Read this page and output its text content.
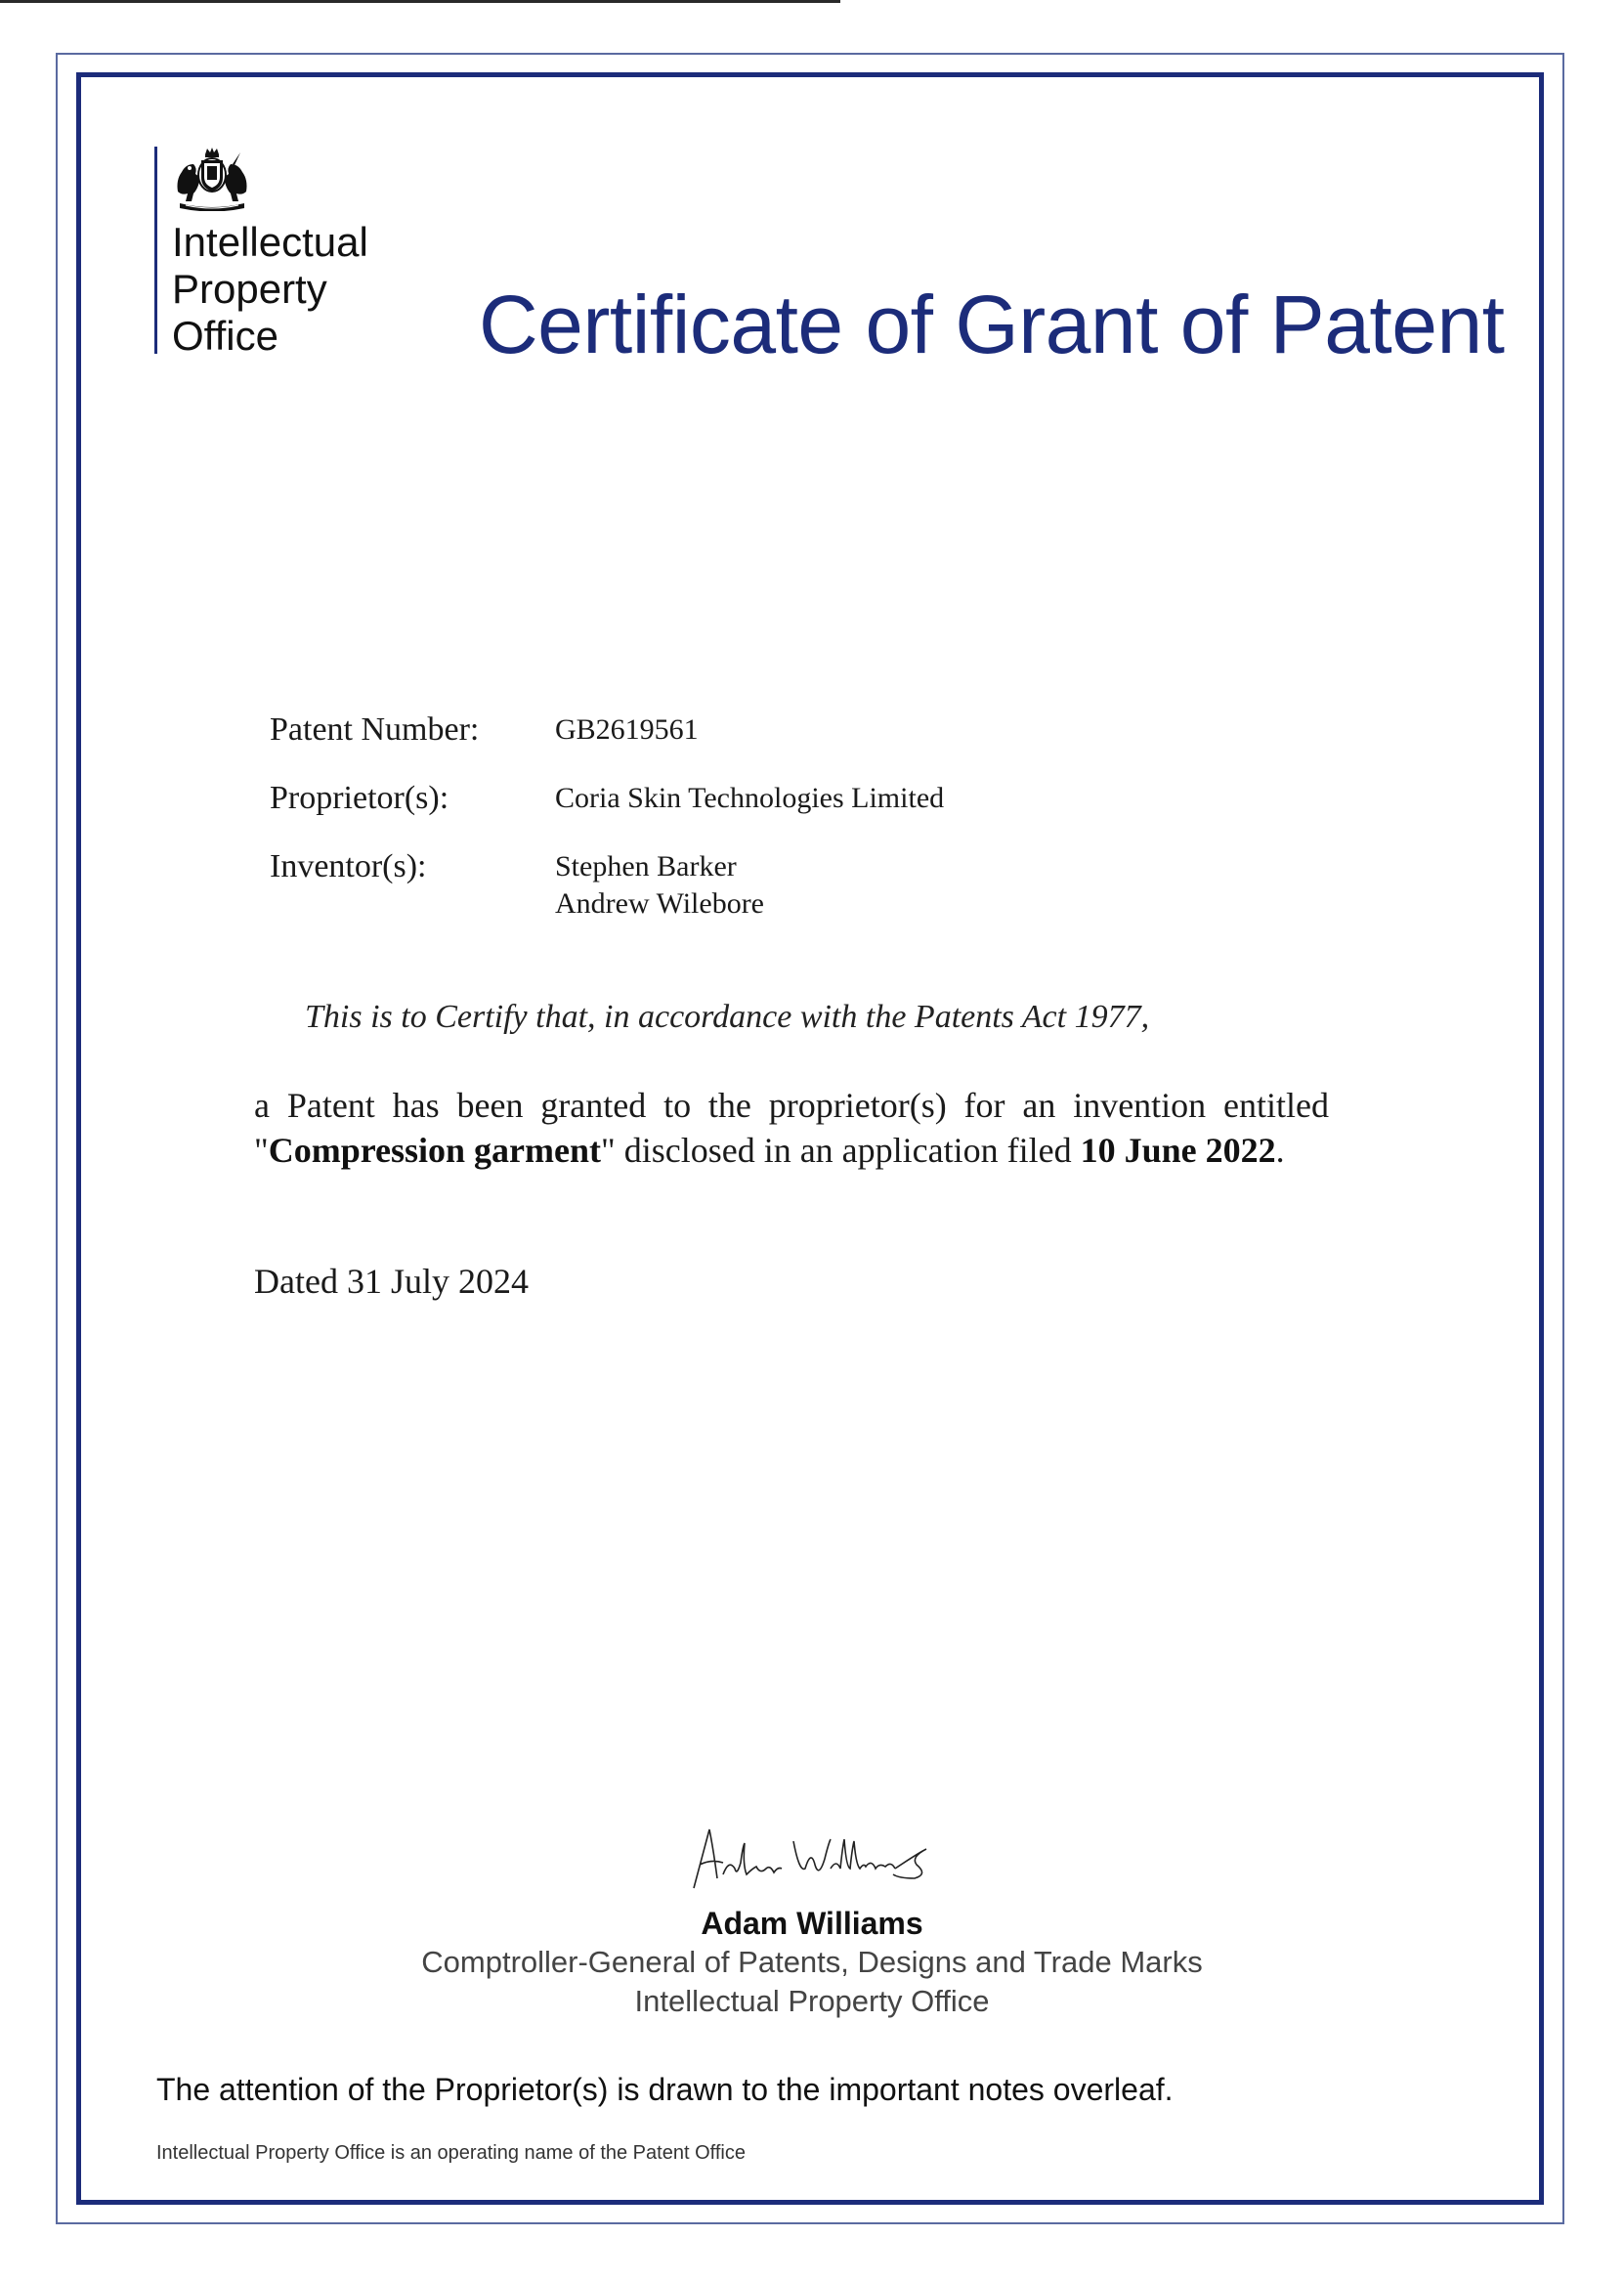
Intellectual
Property
Office	Certificate of Grant of Patent
Patent Number:	GB2619561
Proprietor(s):	Coria Skin Technologies Limited
Inventor(s):	Stephen Barker
Andrew Wilebore
This is to Certify that, in accordance with the Patents Act 1977,
a Patent has been granted to the proprietor(s) for an invention entitled "Compression garment" disclosed in an application filed 10 June 2022.
Dated 31 July 2024
Adam Williams
Comptroller-General of Patents, Designs and Trade Marks
Intellectual Property Office
The attention of the Proprietor(s) is drawn to the important notes overleaf.
Intellectual Property Office is an operating name of the Patent Office
